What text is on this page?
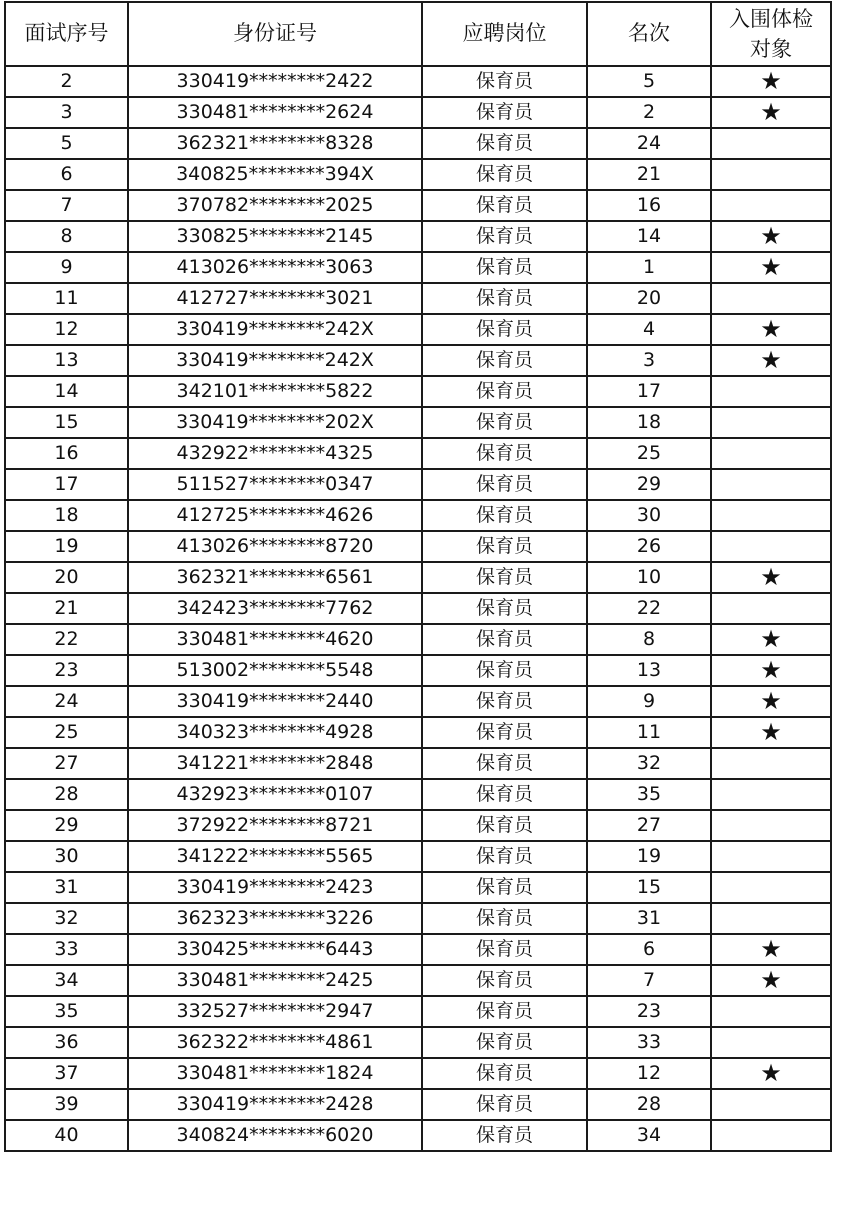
面试序号	身份证号	应聘岗位	名次	入围体检
对象

2	330419********2422	保育员	5	★
3	330481********2624	保育员	2	★
5	362321********8328	保育员	24	
6	340825********394X	保育员	21	
7	370782********2025	保育员	16	
8	330825********2145	保育员	14	★
9	413026********3063	保育员	1	★
11	412727********3021	保育员	20	
12	330419********242X	保育员	4	★
13	330419********242X	保育员	3	★
14	342101********5822	保育员	17	
15	330419********202X	保育员	18	
16	432922********4325	保育员	25	
17	511527********0347	保育员	29	
18	412725********4626	保育员	30	
19	413026********8720	保育员	26	
20	362321********6561	保育员	10	★
21	342423********7762	保育员	22	
22	330481********4620	保育员	8	★
23	513002********5548	保育员	13	★
24	330419********2440	保育员	9	★
25	340323********4928	保育员	11	★
27	341221********2848	保育员	32	
28	432923********0107	保育员	35	
29	372922********8721	保育员	27	
30	341222********5565	保育员	19	
31	330419********2423	保育员	15	
32	362323********3226	保育员	31	
33	330425********6443	保育员	6	★
34	330481********2425	保育员	7	★
35	332527********2947	保育员	23	
36	362322********4861	保育员	33	
37	330481********1824	保育员	12	★
39	330419********2428	保育员	28	
40	340824********6020	保育员	34	
